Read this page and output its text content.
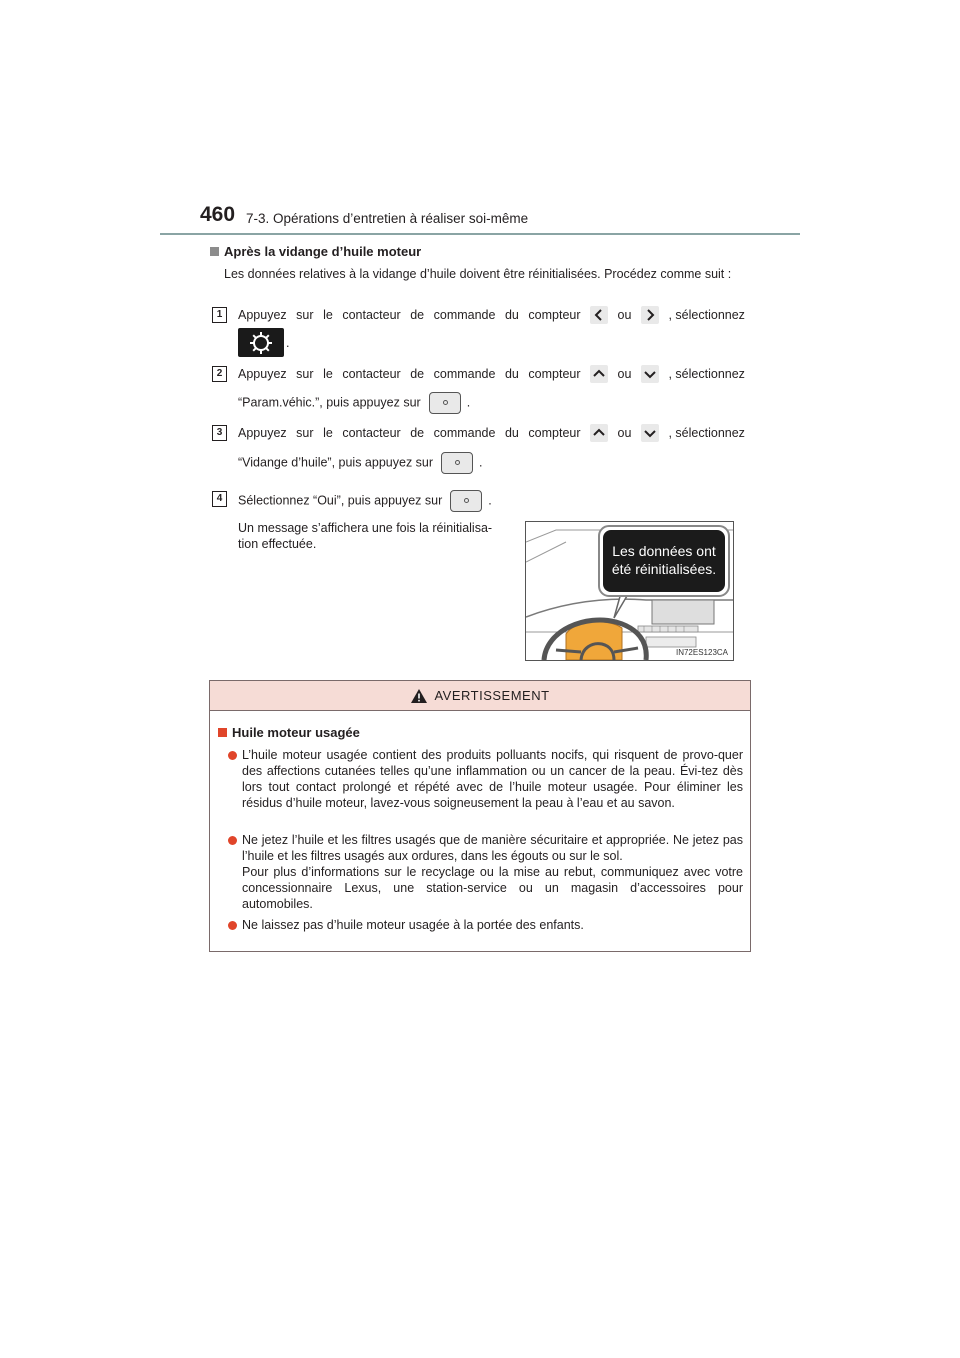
460 7-3. Opérations d’entretien à réaliser soi-même
Après la vidange d’huile moteur
Les données relatives à la vidange d’huile doivent être réinitialisées. Procédez comme suit :
1	Appuyez sur le contacteur de commande du compteur	ou	, sélectionnez
.
2	Appuyez sur le contacteur de commande du compteur	ou	, sélectionnez
“Param.véhic.”, puis appuyez sur	.
3	Appuyez sur le contacteur de commande du compteur	ou	, sélectionnez
“Vidange d’huile”, puis appuyez sur	.
4	Sélectionnez “Oui”, puis appuyez sur	.
Un message s’affichera une fois la réinitialisa-tion effectuée.	Les données ont
été réinitialisées.
IN72ES123CA
AVERTISSEMENT
Huile moteur usagée

L’huile moteur usagée contient des produits polluants nocifs, qui risquent de provo-quer des affections cutanées telles qu’une inflammation ou un cancer de la peau. Évi-tez dès lors tout contact prolongé et répété avec de l’huile moteur usagée. Pour éliminer les résidus d’huile moteur, lavez-vous soigneusement la peau à l’eau et au savon.

Ne jetez l’huile et les filtres usagés que de manière sécuritaire et appropriée. Ne jetez pas l’huile et les filtres usagés aux ordures, dans les égouts ou sur le sol.

Pour plus d’informations sur le recyclage ou la mise au rebut, communiquez avec votre concessionnaire Lexus, une station-service ou un magasin d’accessoires pour automobiles.

Ne laissez pas d’huile moteur usagée à la portée des enfants.
